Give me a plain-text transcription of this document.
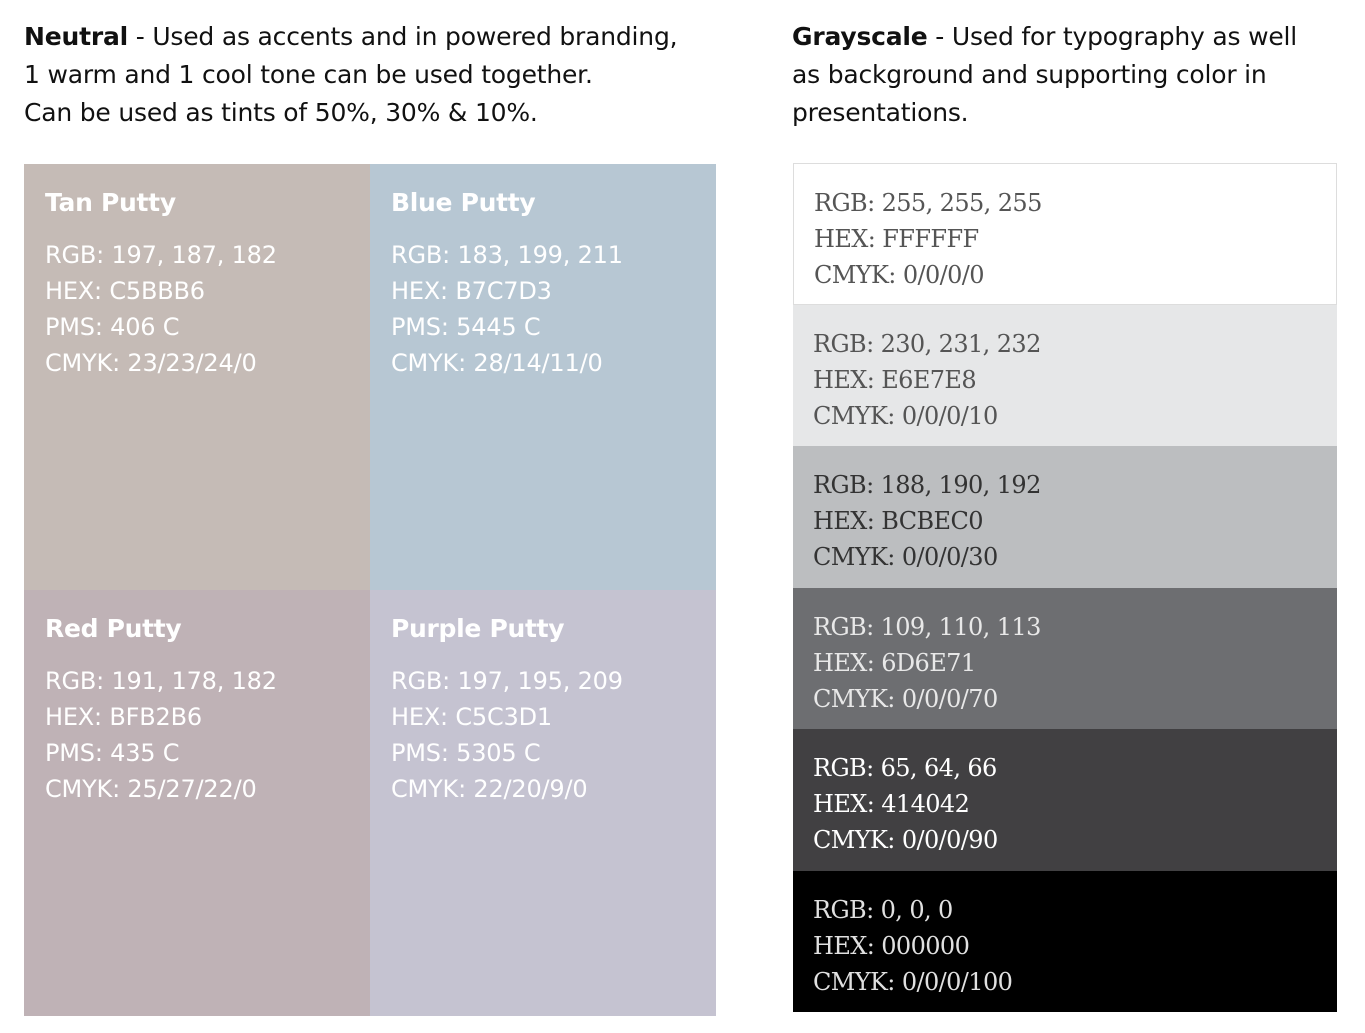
Neutral - Used as accents and in powered branding,

1 warm and 1 cool tone can be used together.

Can be used as tints of 50%, 30% & 10%.

Grayscale - Used for typography as well

as background and supporting color in

presentations.

Tan Putty
RGB: 197, 187, 182
HEX: C5BBB6
PMS: 406 C
CMYK: 23/23/24/0
Blue Putty
RGB: 183, 199, 211
HEX: B7C7D3
PMS: 5445 C
CMYK: 28/14/11/0
Red Putty
RGB: 191, 178, 182
HEX: BFB2B6
PMS: 435 C
CMYK: 25/27/22/0
Purple Putty
RGB: 197, 195, 209
HEX: C5C3D1
PMS: 5305 C
CMYK: 22/20/9/0
RGB: 255, 255, 255
HEX: FFFFFF
CMYK: 0/0/0/0
RGB: 230, 231, 232
HEX: E6E7E8
CMYK: 0/0/0/10
RGB: 188, 190, 192
HEX: BCBEC0
CMYK: 0/0/0/30
RGB: 109, 110, 113
HEX: 6D6E71
CMYK: 0/0/0/70
RGB: 65, 64, 66
HEX: 414042
CMYK: 0/0/0/90
RGB: 0, 0, 0
HEX: 000000
CMYK: 0/0/0/100
